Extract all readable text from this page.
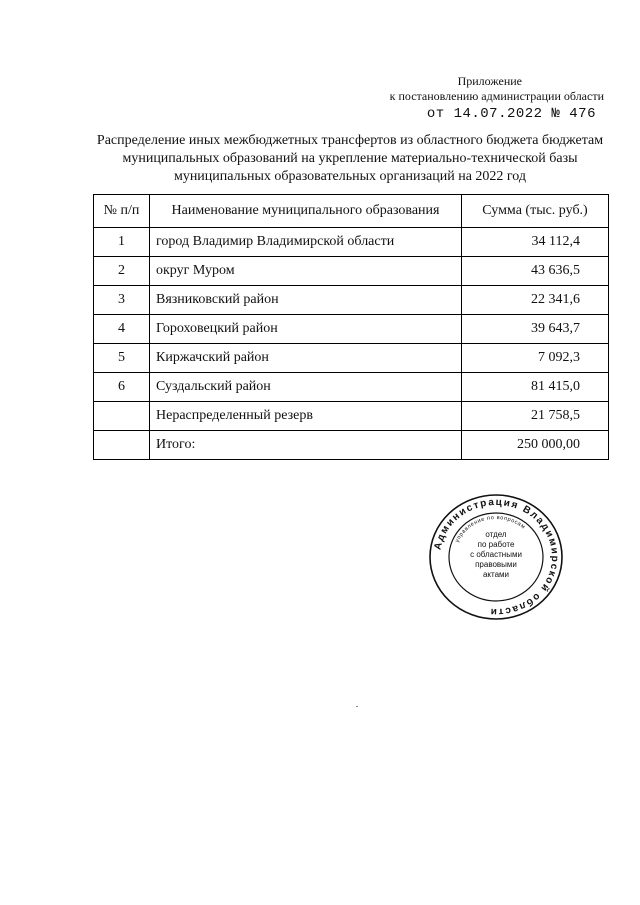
Приложение
к постановлению администрации области
от 14.07.2022 № 476
Распределение иных межбюджетных трансфертов из областного бюджета бюджетам муниципальных образований на укрепление материально-технической базы муниципальных образовательных организаций на 2022 год
№ п/п	Наименование муниципального образования	Сумма (тыс. руб.)
1	город Владимир Владимирской области	34 112,4
2	округ Муром	43 636,5
3	Вязниковский район	22 341,6
4	Гороховецкий район	39 643,7
5	Киржачский район	7 092,3
6	Суздальский район	81 415,0
	Нераспределенный резерв	21 758,5
	Итого:	250 000,00
Администрация Владимирской области
управление по вопросам
отдел
по работе
с областными
правовыми
актами
